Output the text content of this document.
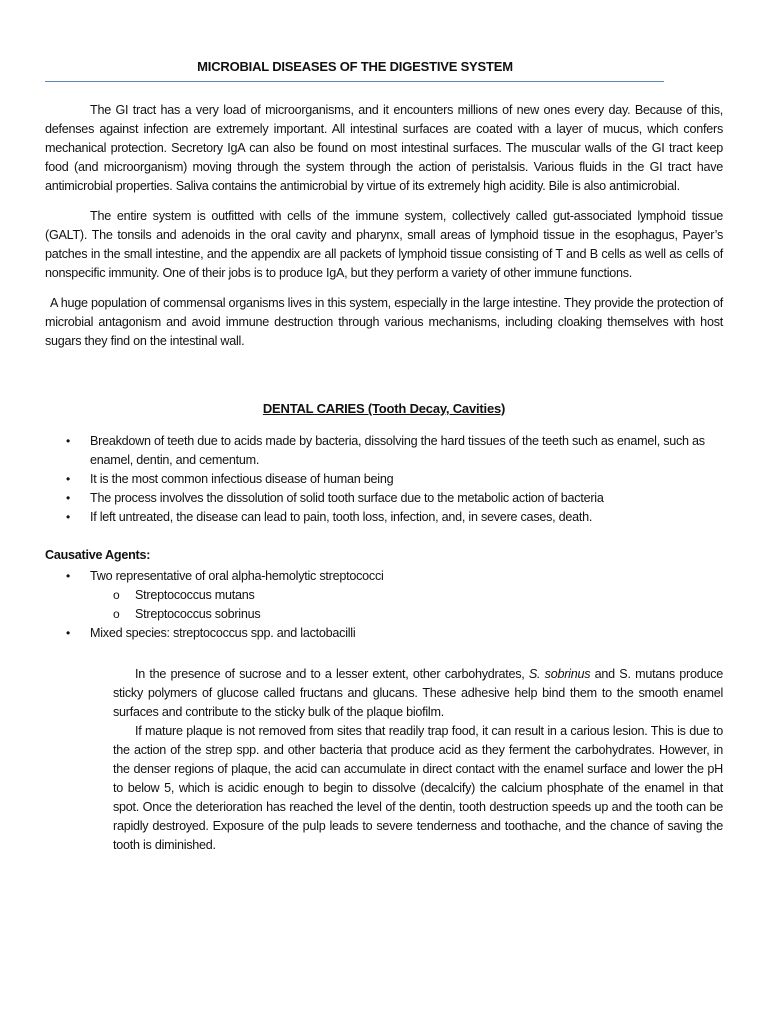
MICROBIAL DISEASES OF THE DIGESTIVE SYSTEM

The GI tract has a very load of microorganisms, and it encounters millions of new ones every day. Because of this, defenses against infection are extremely important. All intestinal surfaces are coated with a layer of mucus, which confers mechanical protection. Secretory IgA can also be found on most intestinal surfaces. The muscular walls of the GI tract keep food (and microorganism) moving through the system through the action of peristalsis. Various fluids in the GI tract have antimicrobial properties. Saliva contains the antimicrobial by virtue of its extremely high acidity. Bile is also antimicrobial.

The entire system is outfitted with cells of the immune system, collectively called gut-associated lymphoid tissue (GALT). The tonsils and adenoids in the oral cavity and pharynx, small areas of lymphoid tissue in the esophagus, Payer’s patches in the small intestine, and the appendix are all packets of lymphoid tissue consisting of T and B cells as well as cells of nonspecific immunity. One of their jobs is to produce IgA, but they perform a variety of other immune functions.

A huge population of commensal organisms lives in this system, especially in the large intestine. They provide the protection of microbial antagonism and avoid immune destruction through various mechanisms, including cloaking themselves with host sugars they find on the intestinal wall.

DENTAL CARIES (Tooth Decay, Cavities)
• Breakdown of teeth due to acids made by bacteria, dissolving the hard tissues of the teeth such as enamel, such as enamel, dentin, and cementum.
• It is the most common infectious disease of human being
• The process involves the dissolution of solid tooth surface due to the metabolic action of bacteria
• If left untreated, the disease can lead to pain, tooth loss, infection, and, in severe cases, death.
Causative Agents:
• Two representative of oral alpha-hemolytic streptococci
o Streptococcus mutans
o Streptococcus sobrinus
• Mixed species: streptococcus spp. and lactobacilli

In the presence of sucrose and to a lesser extent, other carbohydrates, S. sobrinus and S. mutans produce sticky polymers of glucose called fructans and glucans. These adhesive help bind them to the smooth enamel surfaces and contribute to the sticky bulk of the plaque biofilm.

If mature plaque is not removed from sites that readily trap food, it can result in a carious lesion. This is due to the action of the strep spp. and other bacteria that produce acid as they ferment the carbohydrates. However, in the denser regions of plaque, the acid can accumulate in direct contact with the enamel surface and lower the pH to below 5, which is acidic enough to begin to dissolve (decalcify) the calcium phosphate of the enamel in that spot. Once the deterioration has reached the level of the dentin, tooth destruction speeds up and the tooth can be rapidly destroyed. Exposure of the pulp leads to severe tenderness and toothache, and the chance of saving the tooth is diminished.
